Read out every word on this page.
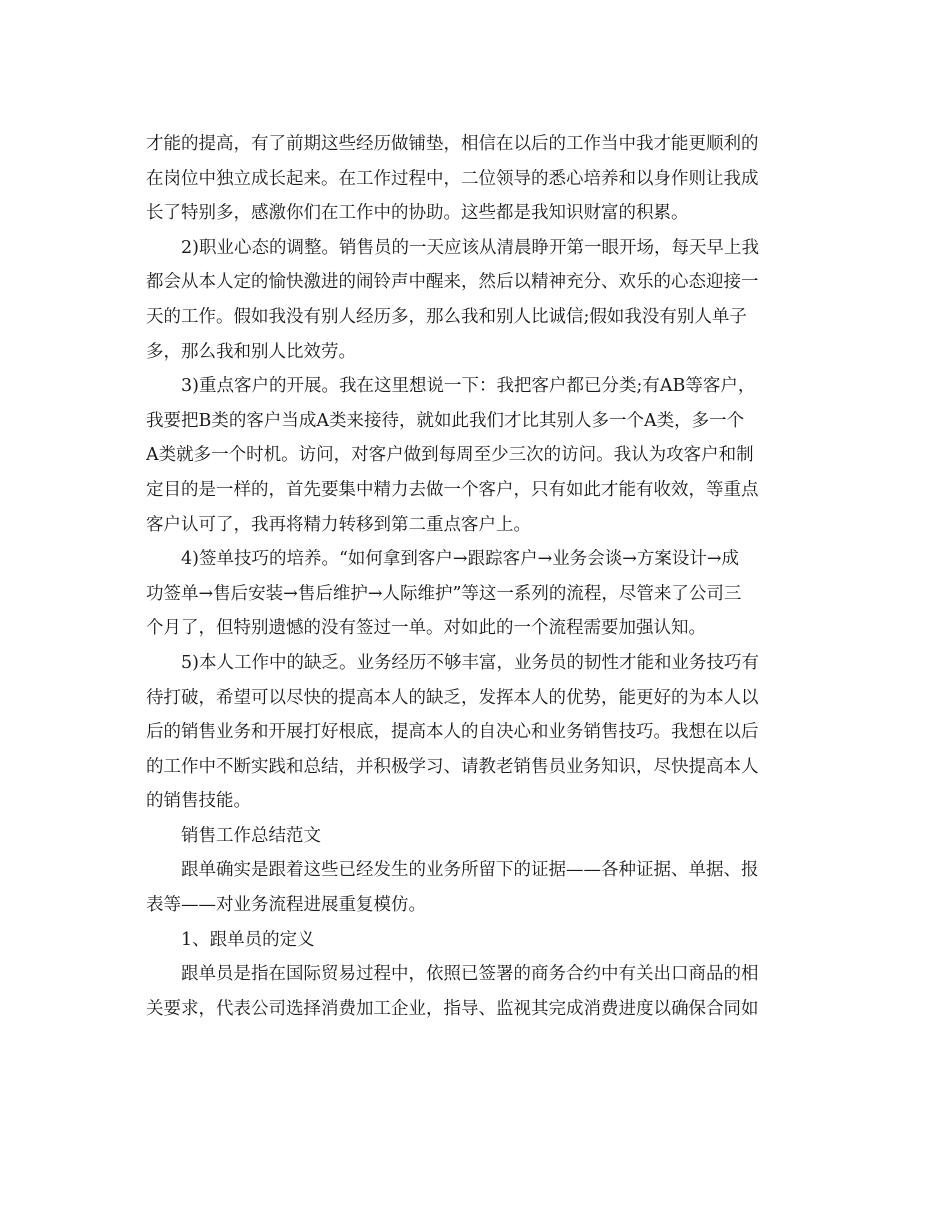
才能的提高，有了前期这些经历做铺垫，相信在以后的工作当中我才能更顺利的
在岗位中独立成长起来。在工作过程中，二位领导的悉心培养和以身作则让我成
长了特别多，感激你们在工作中的协助。这些都是我知识财富的积累。
2)职业心态的调整。销售员的一天应该从清晨睁开第一眼开场，每天早上我
都会从本人定的愉快激进的闹铃声中醒来，然后以精神充分、欢乐的心态迎接一
天的工作。假如我没有别人经历多，那么我和别人比诚信;假如我没有别人单子
多，那么我和别人比效劳。
3)重点客户的开展。我在这里想说一下：我把客户都已分类;有AB等客户，
我要把B类的客户当成A类来接待，就如此我们才比其别人多一个A类，多一个
A类就多一个时机。访问，对客户做到每周至少三次的访问。我认为攻客户和制
定目的是一样的，首先要集中精力去做一个客户，只有如此才能有收效，等重点
客户认可了，我再将精力转移到第二重点客户上。
4)签单技巧的培养。“如何拿到客户→跟踪客户→业务会谈→方案设计→成
功签单→售后安装→售后维护→人际维护”等这一系列的流程，尽管来了公司三
个月了，但特别遗憾的没有签过一单。对如此的一个流程需要加强认知。
5)本人工作中的缺乏。业务经历不够丰富，业务员的韧性才能和业务技巧有
待打破，希望可以尽快的提高本人的缺乏，发挥本人的优势，能更好的为本人以
后的销售业务和开展打好根底，提高本人的自决心和业务销售技巧。我想在以后
的工作中不断实践和总结，并积极学习、请教老销售员业务知识，尽快提高本人
的销售技能。
销售工作总结范文
跟单确实是跟着这些已经发生的业务所留下的证据——各种证据、单据、报
表等——对业务流程进展重复模仿。
1、跟单员的定义
跟单员是指在国际贸易过程中，依照已签署的商务合约中有关出口商品的相
关要求，代表公司选择消费加工企业，指导、监视其完成消费进度以确保合同如
